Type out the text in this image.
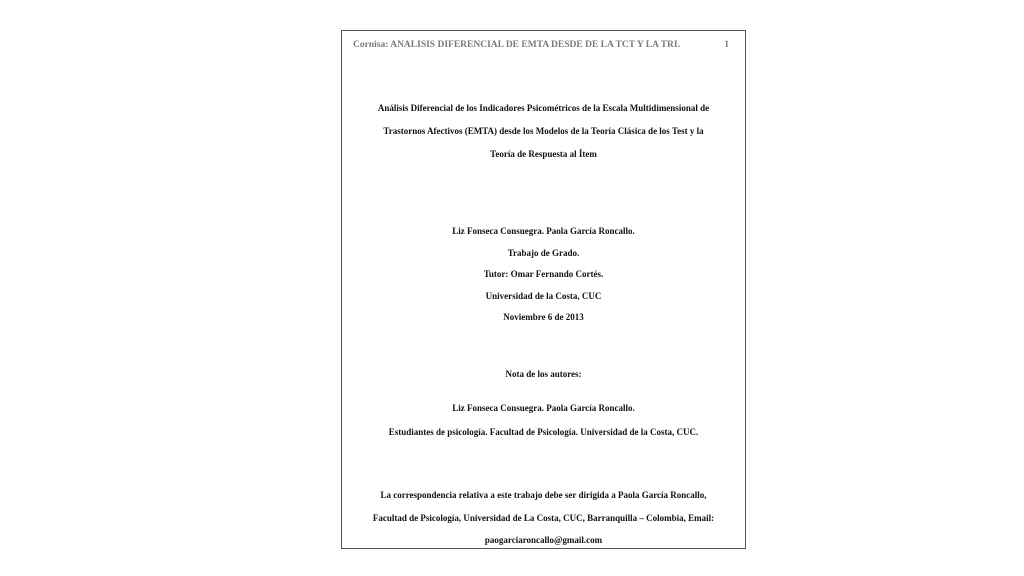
Cornisa: ANALISIS DIFERENCIAL DE EMTA DESDE DE LA TCT Y LA TRI.	1
Análisis Diferencial de los Indicadores Psicométricos de la Escala Multidimensional de
Trastornos Afectivos (EMTA) desde los Modelos de la Teoría Clásica de los Test y la
Teoría de Respuesta al Ítem
Liz Fonseca Consuegra. Paola García Roncallo.
Trabajo de Grado.
Tutor: Omar Fernando Cortés.
Universidad de la Costa, CUC
Noviembre 6 de 2013
Nota de los autores:
Liz Fonseca Consuegra. Paola García Roncallo.
Estudiantes de psicología. Facultad de Psicología. Universidad de la Costa, CUC.
La correspondencia relativa a este trabajo debe ser dirigida a Paola García Roncallo,
Facultad de Psicología, Universidad de La Costa, CUC, Barranquilla – Colombia, Email:
paogarciaroncallo@gmail.com
